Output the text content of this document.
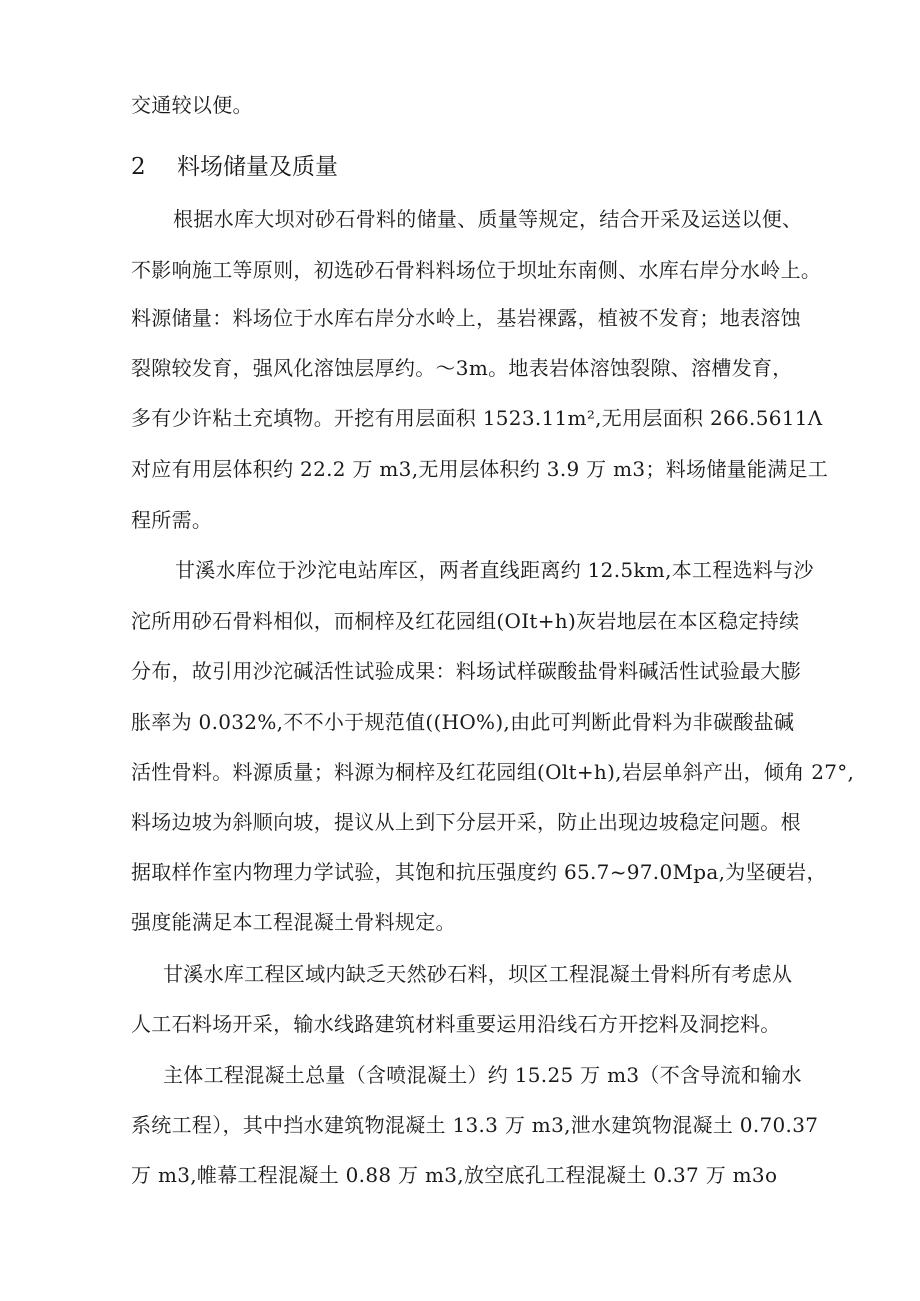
交通较以便。
2 料场储量及质量
根据水库大坝对砂石骨料的储量、质量等规定，结合开采及运送以便、
不影响施工等原则，初选砂石骨料料场位于坝址东南侧、水库右岸分水岭上。
料源储量：料场位于水库右岸分水岭上，基岩裸露，植被不发育；地表溶蚀
裂隙较发育，强风化溶蚀层厚约。～3m。地表岩体溶蚀裂隙、溶槽发育，
多有少许粘土充填物。开挖有用层面积 1523.11m²,无用层面积 266.5611Λ
对应有用层体积约 22.2 万 m3,无用层体积约 3.9 万 m3；料场储量能满足工
程所需。
甘溪水库位于沙沱电站库区，两者直线距离约 12.5km,本工程选料与沙
沱所用砂石骨料相似，而桐梓及红花园组(OIt+h)灰岩地层在本区稳定持续
分布，故引用沙沱碱活性试验成果：料场试样碳酸盐骨料碱活性试验最大膨
胀率为 0.032%,不不小于规范值((HO%),由此可判断此骨料为非碳酸盐碱
活性骨料。料源质量；料源为桐梓及红花园组(Olt+h),岩层单斜产出，倾角 27°,
料场边坡为斜顺向坡，提议从上到下分层开采，防止出现边坡稳定问题。根
据取样作室内物理力学试验，其饱和抗压强度约 65.7~97.0Mpa,为坚硬岩，
强度能满足本工程混凝土骨料规定。
甘溪水库工程区域内缺乏天然砂石料，坝区工程混凝土骨料所有考虑从
人工石料场开采，输水线路建筑材料重要运用沿线石方开挖料及洞挖料。
主体工程混凝土总量（含喷混凝土）约 15.25 万 m3（不含导流和输水
系统工程），其中挡水建筑物混凝土 13.3 万 m3,泄水建筑物混凝土 0.70.37
万 m3,帷幕工程混凝土 0.88 万 m3,放空底孔工程混凝土 0.37 万 m3o
